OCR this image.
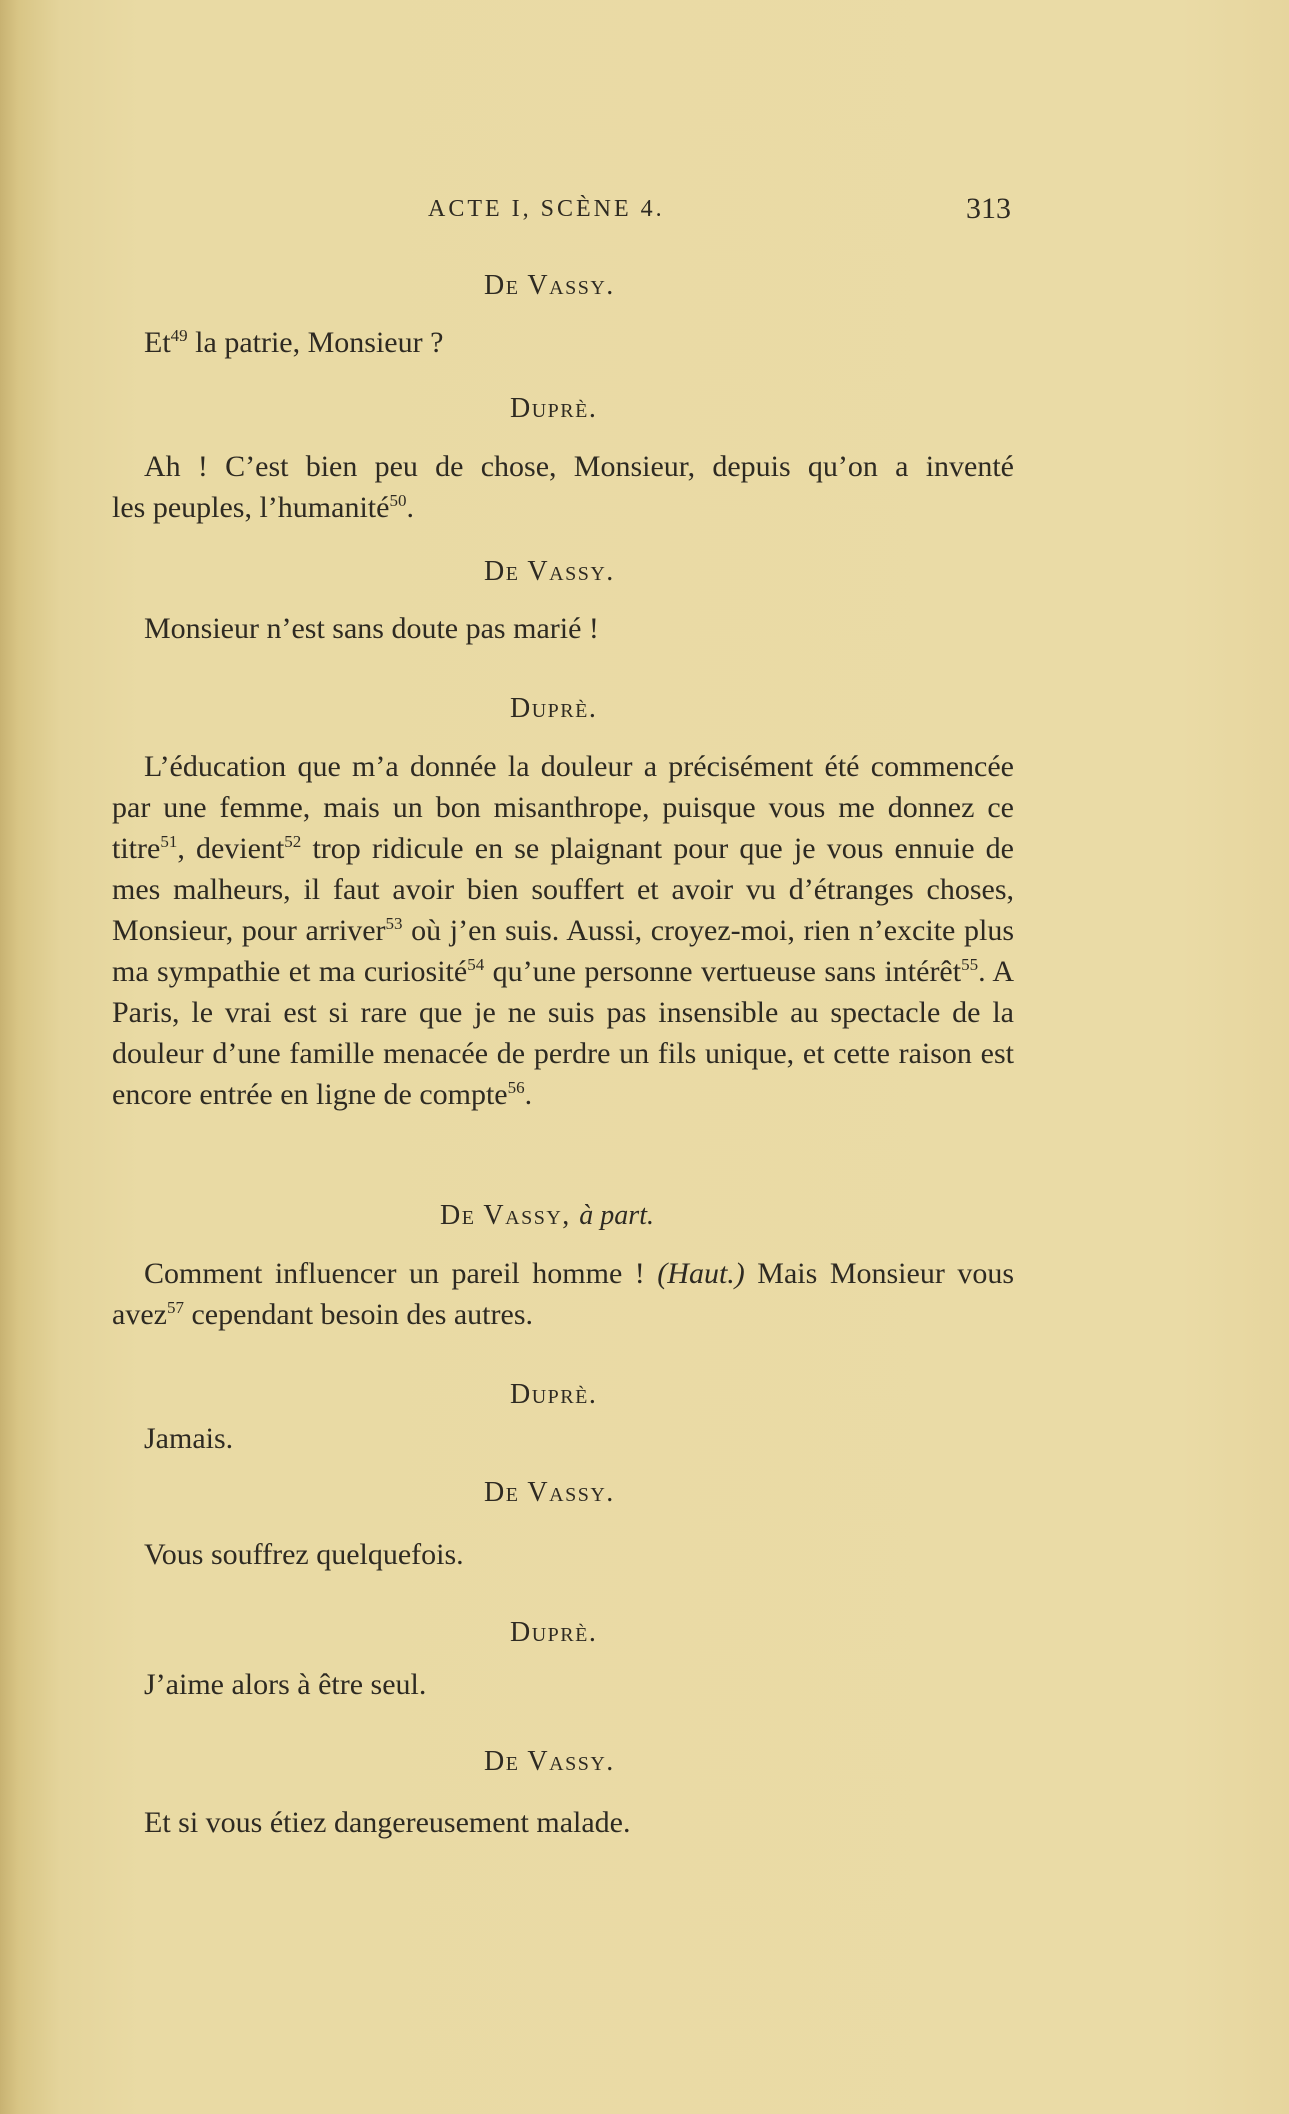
ACTE I, SCÈNE 4.	313
De Vassy.

Et$^{49}$ la patrie, Monsieur ?

Duprè.

Ah ! C’est bien peu de chose, Monsieur, depuis qu’on a inventé

les peuples, l’humanité$^{50}$.

De Vassy.

Monsieur n’est sans doute pas marié !

Duprè.

L’éducation que m’a donnée la douleur a précisément été commencée par une femme, mais un bon misanthrope, puisque vous me donnez ce titre$^{51}$, devient$^{52}$ trop ridicule en se plaignant pour que je vous ennuie de mes malheurs, il faut avoir bien souffert et avoir vu d’étranges choses, Monsieur, pour arriver$^{53}$ où j’en suis. Aussi, croyez-moi, rien n’excite plus ma sympathie et ma curiosité$^{54}$ qu’une personne vertueuse sans intérêt$^{55}$. A Paris, le vrai est si rare que je ne suis pas insensible au spectacle de la douleur d’une famille menacée de perdre un fils unique, et cette raison est encore entrée en ligne de compte$^{56}$.

De Vassy, à part.

Comment influencer un pareil homme ! (Haut.) Mais Monsieur vous avez$^{57}$ cependant besoin des autres.

Duprè.

Jamais.

De Vassy.

Vous souffrez quelquefois.

Duprè.

J’aime alors à être seul.

De Vassy.

Et si vous étiez dangereusement malade.
